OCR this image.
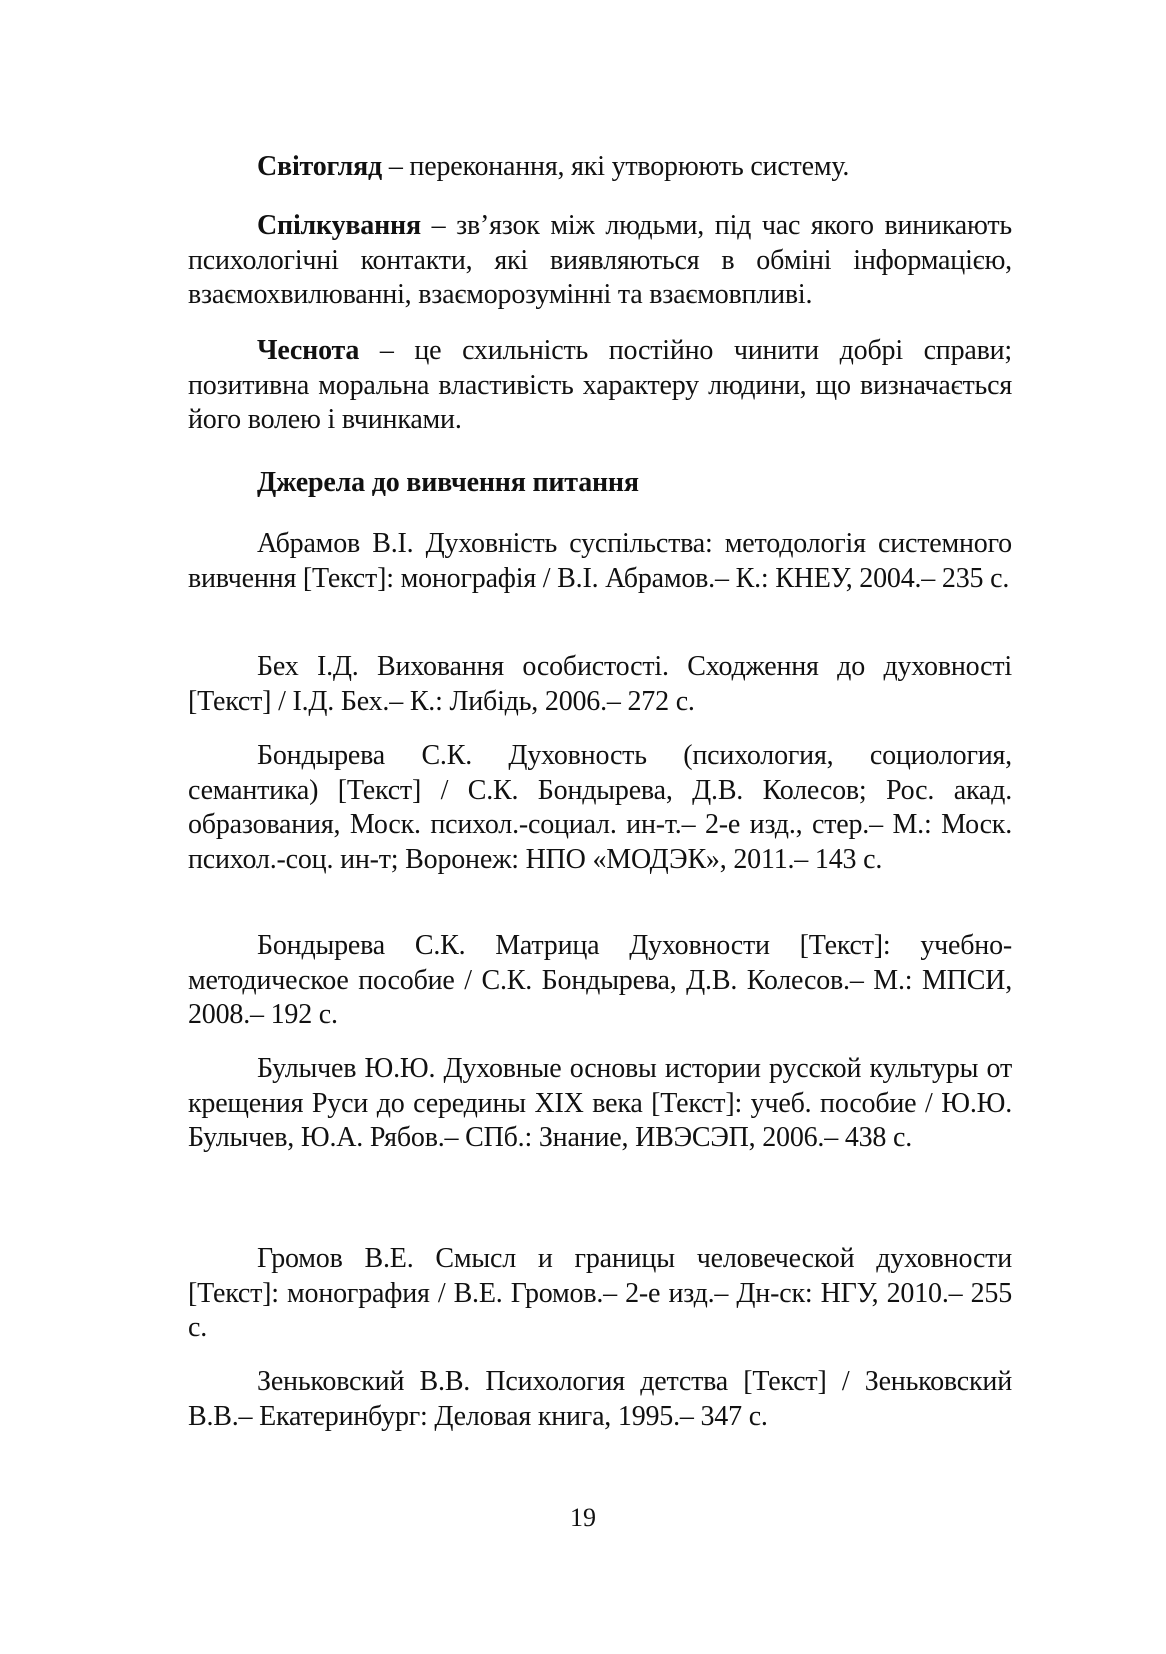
Світогляд – переконання, які утворюють систему.

Спілкування – зв’язок між людьми, під час якого виникають психологічні контакти, які виявляються в обміні інформацією, взаємохвилюванні, взаєморозумінні та взаємовпливі.

Чеснота – це схильність постійно чинити добрі справи; позитивна моральна властивість характеру людини, що визначається його волею і вчинками.

Джерела до вивчення питання

Абрамов В.І. Духовність суспільства: методологія системного вивчення [Текст]: монографія / В.І. Абрамов.– К.: КНЕУ, 2004.– 235 с.

Бех І.Д. Виховання особистості. Сходження до духовності [Текст] / І.Д. Бех.– К.: Либідь, 2006.– 272 с.

Бондырева С.К. Духовность (психология, социология, семантика) [Текст] / С.К. Бондырева, Д.В. Колесов; Рос. акад. образования, Моск. психол.-социал. ин-т.– 2-е изд., стер.– М.: Моск. психол.-соц. ин-т; Воронеж: НПО «МОДЭК», 2011.– 143 с.

Бондырева С.К. Матрица Духовности [Текст]: учебно-методическое пособие / С.К. Бондырева, Д.В. Колесов.– М.: МПСИ, 2008.– 192 с.

Булычев Ю.Ю. Духовные основы истории русской культуры от крещения Руси до середины XIX века [Текст]: учеб. пособие / Ю.Ю. Булычев, Ю.А. Рябов.– СПб.: Знание, ИВЭСЭП, 2006.– 438 с.

Громов В.Е. Смысл и границы человеческой духовности [Текст]: монография / В.Е. Громов.– 2-е изд.– Дн-ск: НГУ, 2010.– 255 с.

Зеньковский В.В. Психология детства [Текст] / Зеньковский В.В.– Екатеринбург: Деловая книга, 1995.– 347 с.

19
